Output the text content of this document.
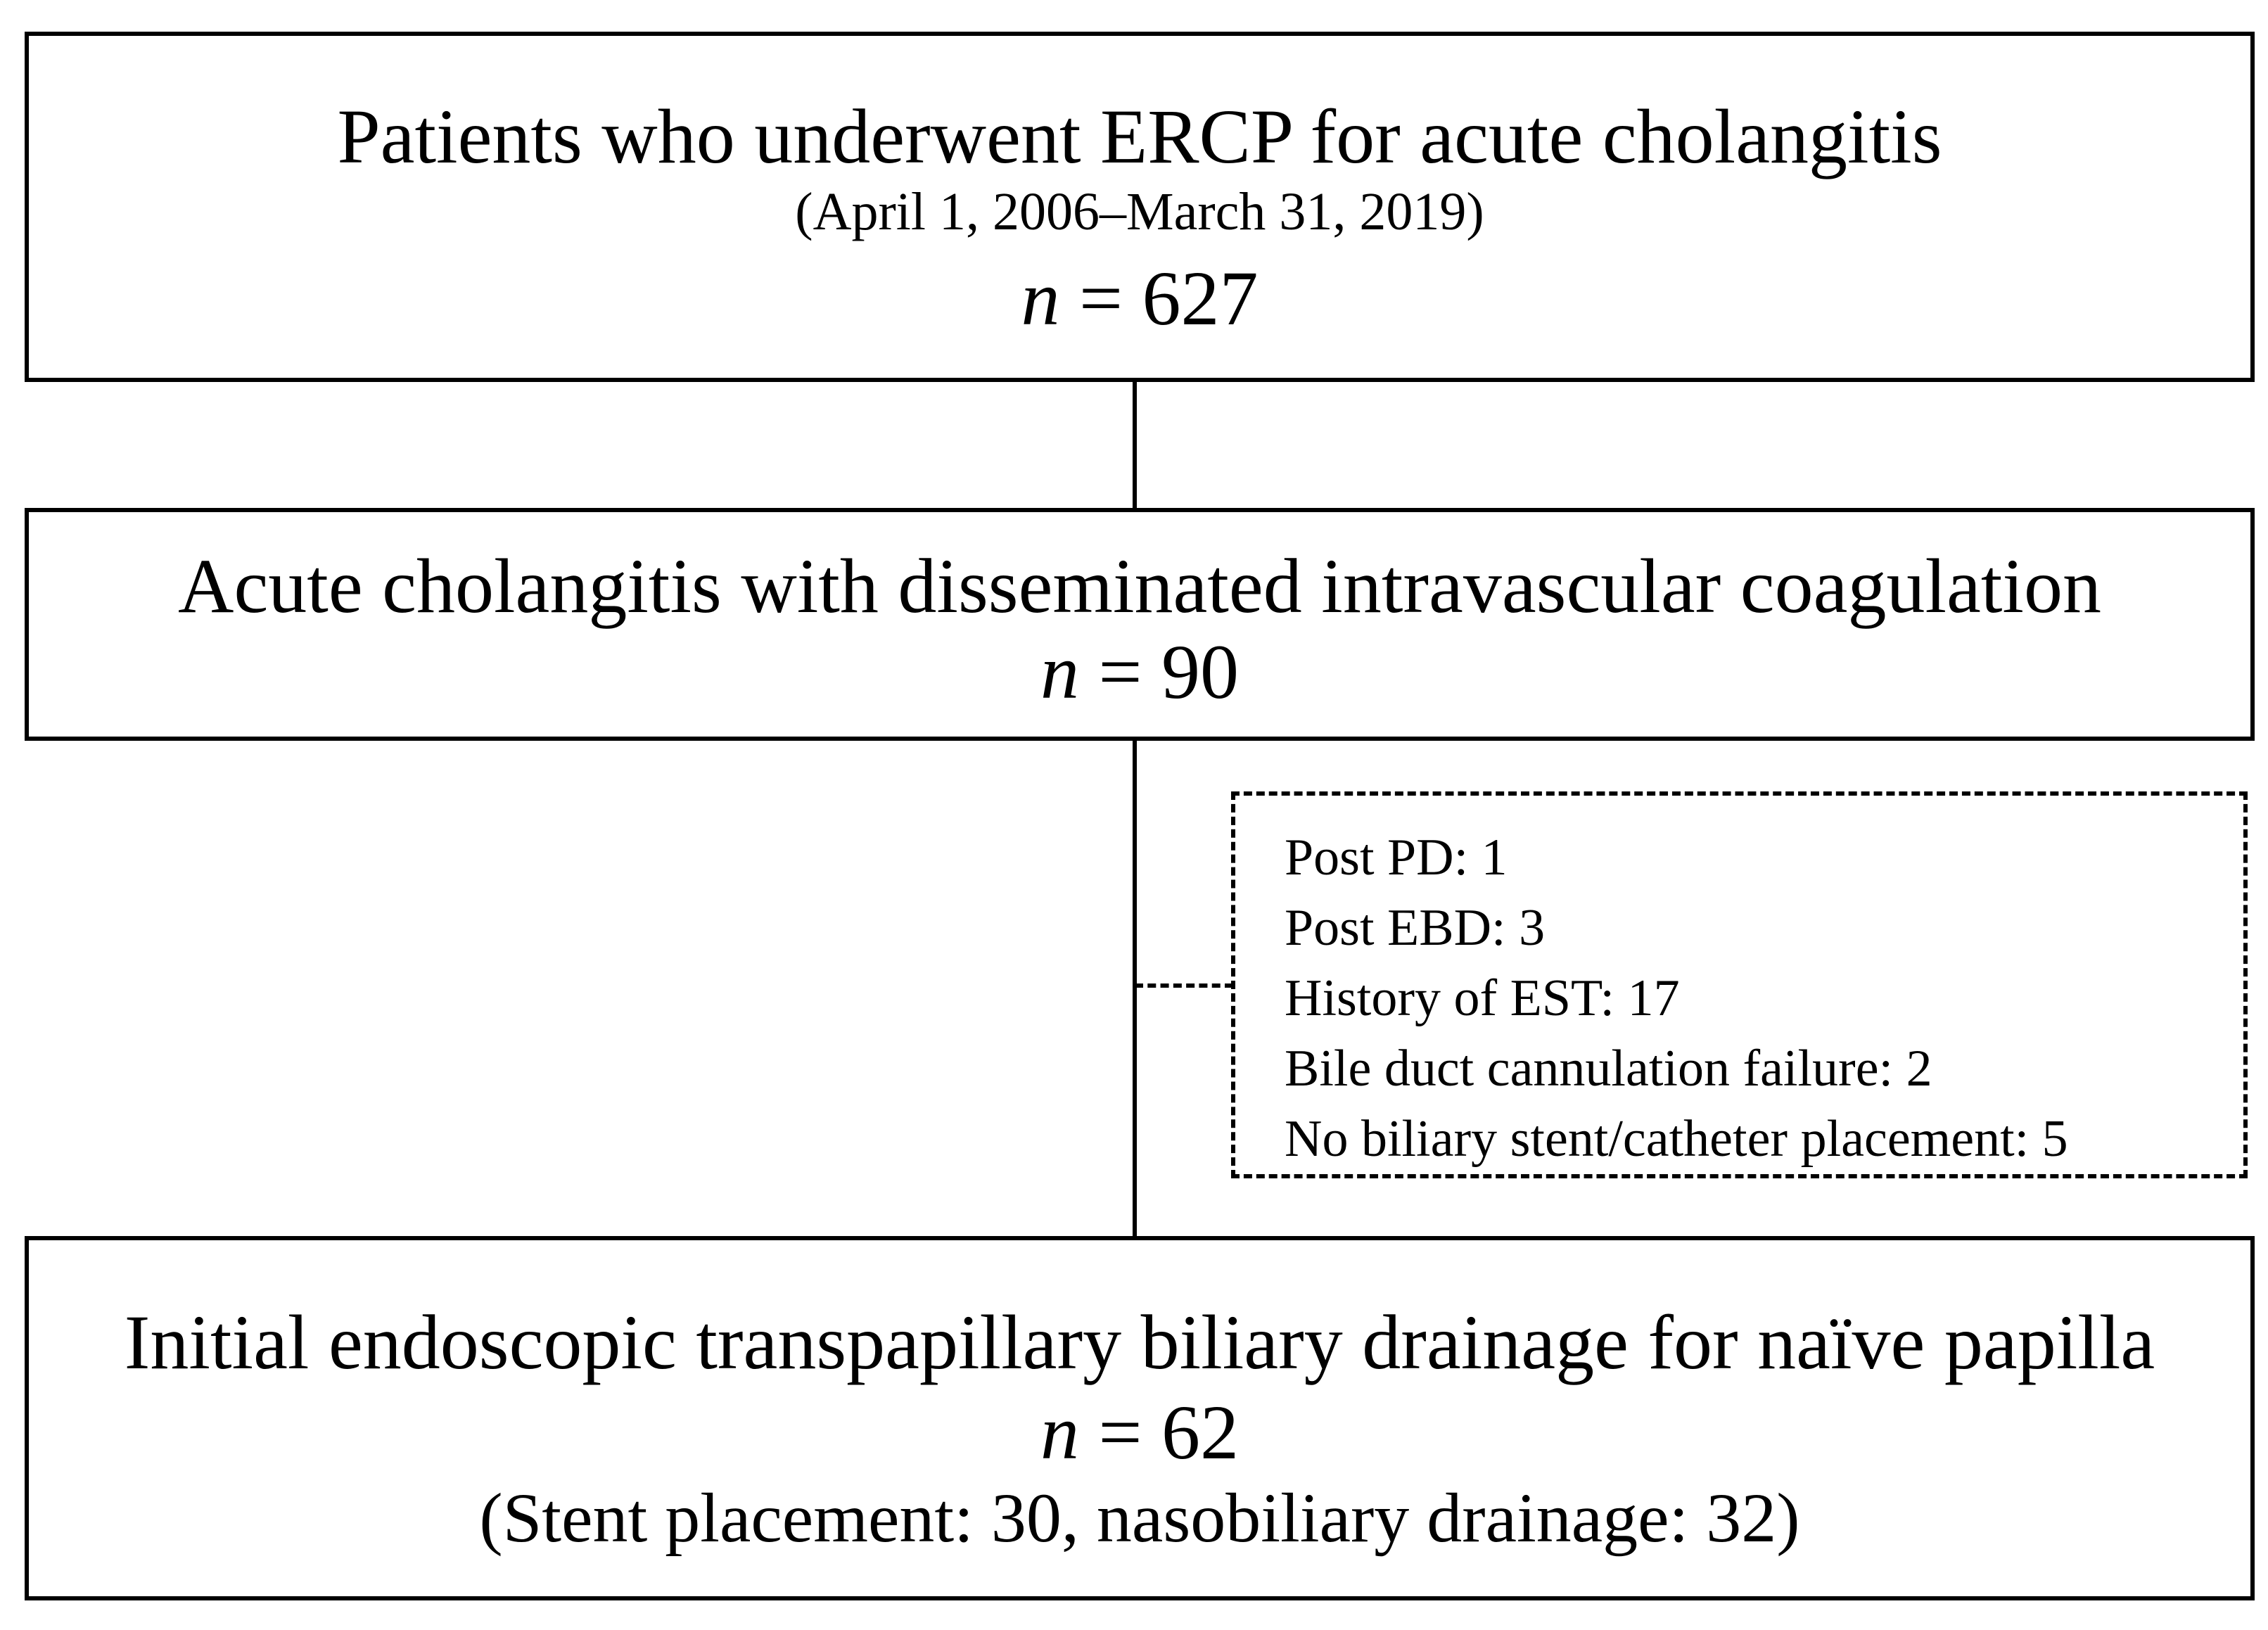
Patients who underwent ERCP for acute cholangitis
(April 1, 2006–March 31, 2019)
n = 627
Acute cholangitis with disseminated intravascular coagulation
n = 90
Post PD: 1
Post EBD: 3
History of EST: 17
Bile duct cannulation failure: 2
No biliary stent/catheter placement: 5
Initial endoscopic transpapillary biliary drainage for naïve papilla
n = 62
(Stent placement: 30, nasobiliary drainage: 32)
